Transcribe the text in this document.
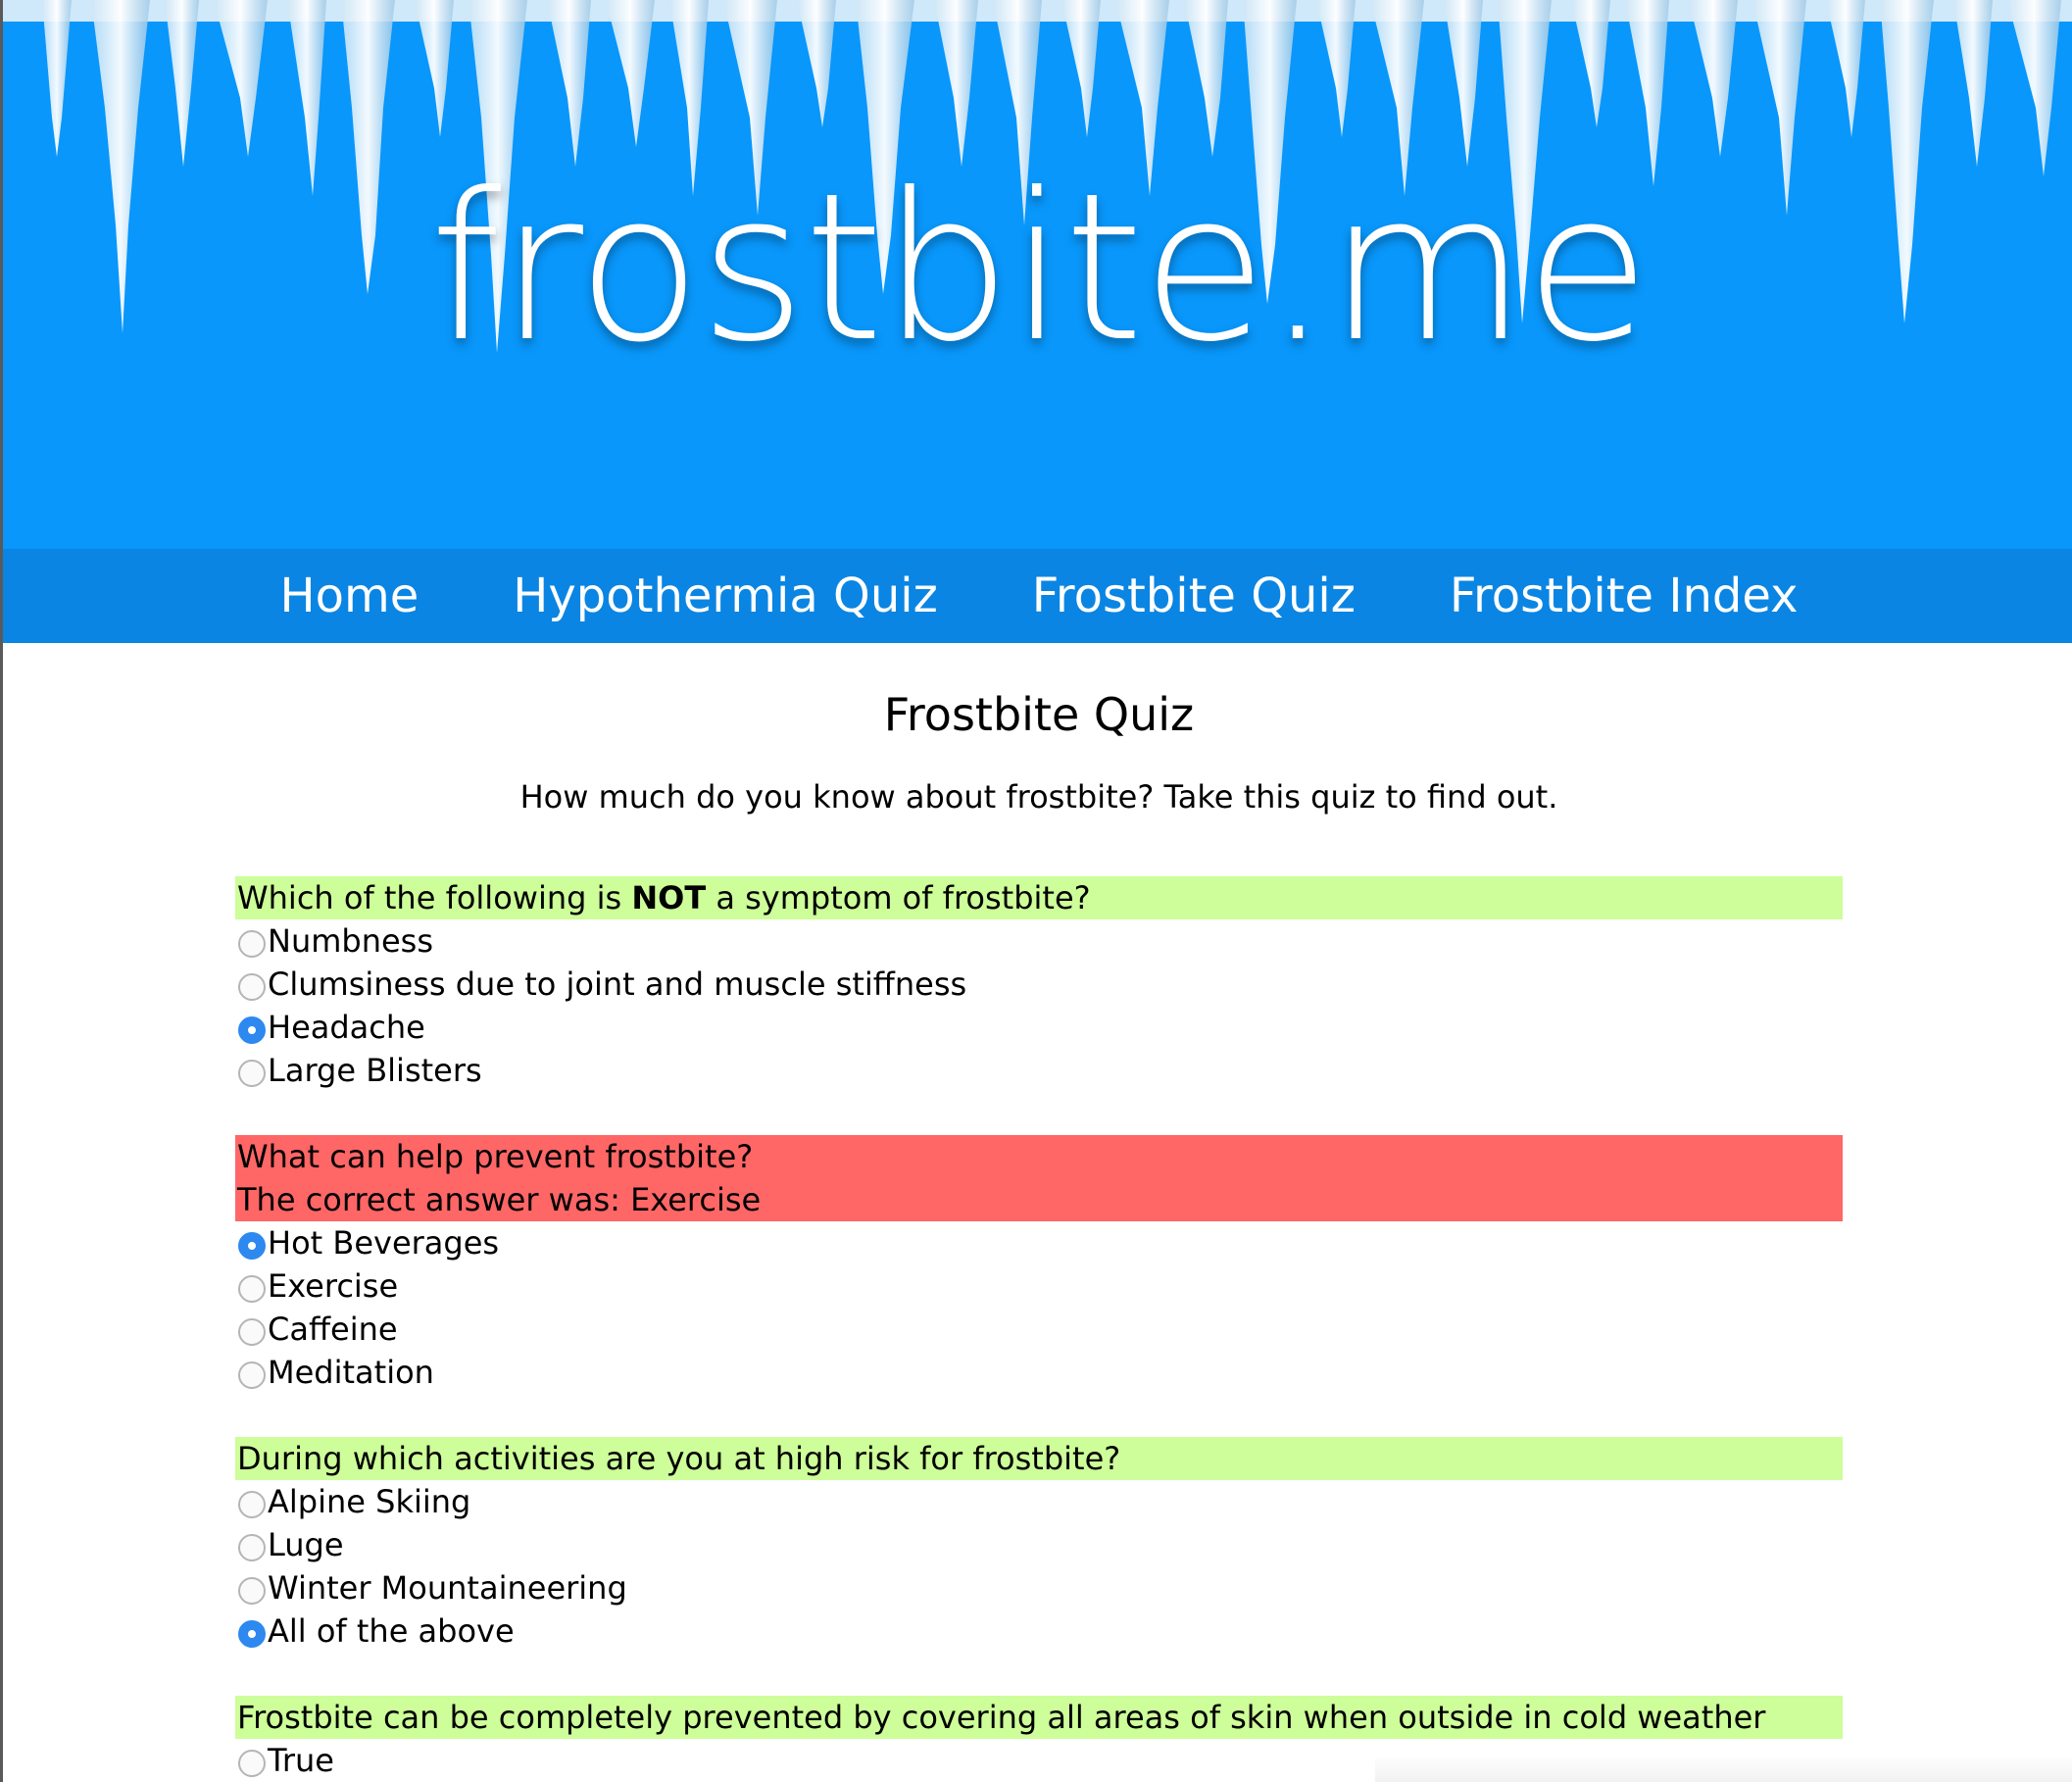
frostbite.me
Home Hypothermia Quiz Frostbite Quiz Frostbite Index
Frostbite Quiz

How much do you know about frostbite? Take this quiz to find out.

Which of the following is NOT a symptom of frostbite?
Numbness
Clumsiness due to joint and muscle stiffness
Headache
Large Blisters
What can help prevent frostbite?
The correct answer was: Exercise
Hot Beverages
Exercise
Caffeine
Meditation
During which activities are you at high risk for frostbite?
Alpine Skiing
Luge
Winter Mountaineering
All of the above
Frostbite can be completely prevented by covering all areas of skin when outside in cold weather
True
